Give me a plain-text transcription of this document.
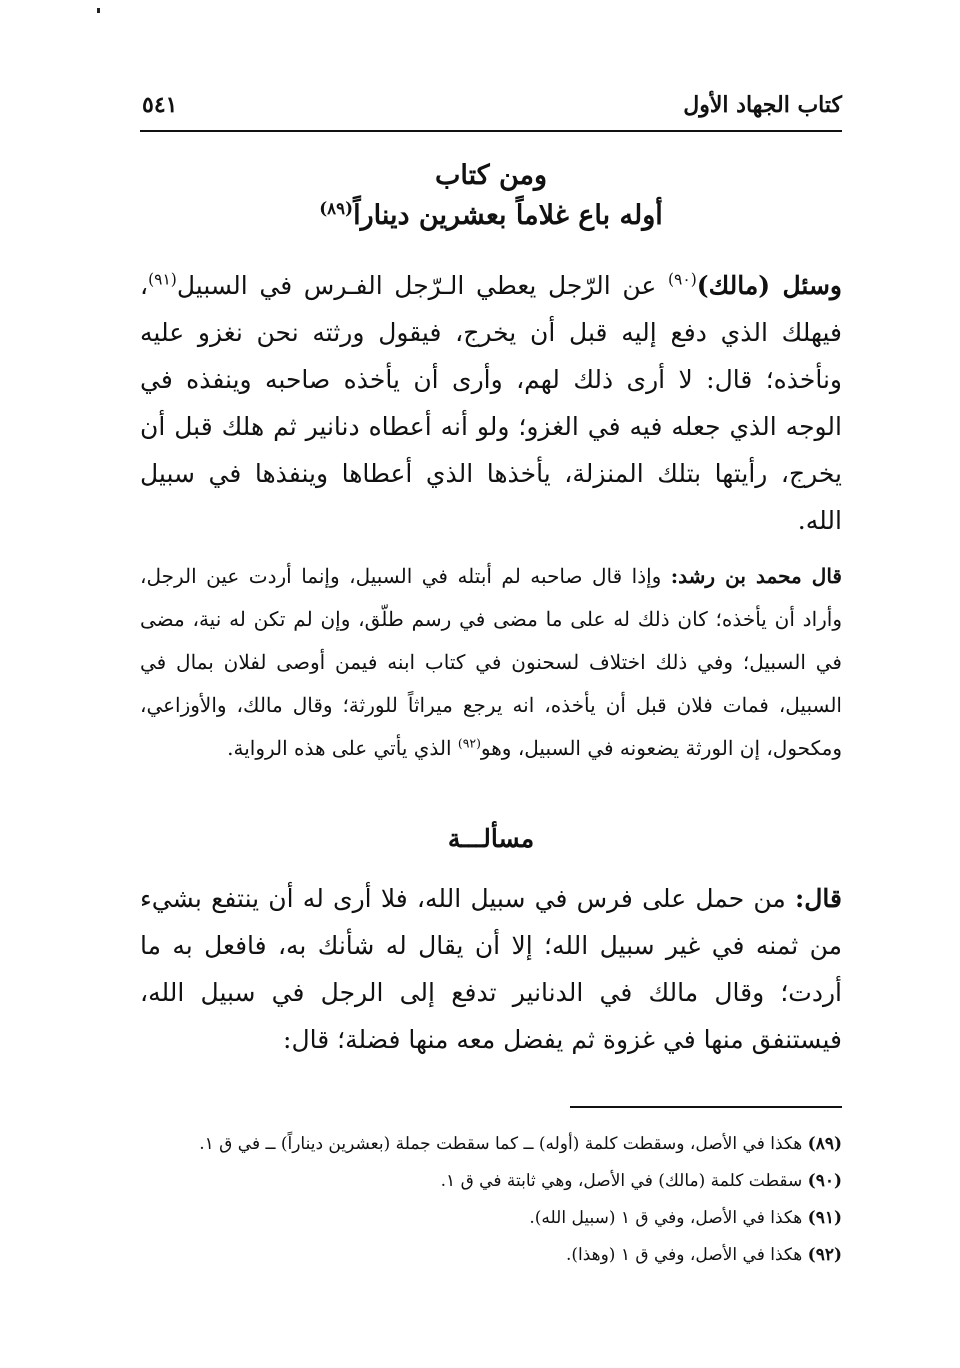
كتاب الجهاد الأول
٥٤١
ومن كتاب
أوله باع غلاماً بعشرين ديناراً$^{(٨٩)}$
وسئل (مالك)$^{(٩٠)}$ عن الرّجل يعطي الـرّجل الفـرس في السبيل$^{(٩١)}$، فيهلك الذي دفع إليه قبل أن يخرج، فيقول ورثته نحن نغزو عليه ونأخذه؛ قال: لا أرى ذلك لهم، وأرى أن يأخذه صاحبه وينفذه في الوجه الذي جعله فيه في الغزو؛ ولو أنه أعطاه دنانير ثم هلك قبل أن يخرج، رأيتها بتلك المنزلة، يأخذها الذي أعطاها وينفذها في سبيل الله.
قال محمد بن رشد: وإذا قال صاحبه لم أبتله في السبيل، وإنما أردت عين الرجل، وأراد أن يأخذه؛ كان ذلك له على ما مضى في رسم طلّق، وإن لم تكن له نية، مضى في السبيل؛ وفي ذلك اختلاف لسحنون في كتاب ابنه فيمن أوصى لفلان بمال في السبيل، فمات فلان قبل أن يأخذه، انه يرجع ميراثاً للورثة؛ وقال مالك، والأوزاعي، ومكحول، إن الورثة يضعونه في السبيل، وهو$^{(٩٢)}$ الذي يأتي على هذه الرواية.
مسألـــة
قال: من حمل على فرس في سبيل الله، فلا أرى له أن ينتفع بشيء من ثمنه في غير سبيل الله؛ إلا أن يقال له شأنك به، فافعل به ما أردت؛ وقال مالك في الدنانير تدفع إلى الرجل في سبيل الله، فيستنفق منها في غزوة ثم يفضل معه منها فضلة؛ قال:
(٨٩) هكذا في الأصل، وسقطت كلمة (أوله) ــ كما سقطت جملة (بعشرين ديناراً) ــ في ق ١.
(٩٠) سقطت كلمة (مالك) في الأصل، وهي ثابتة في ق ١.
(٩١) هكذا في الأصل، وفي ق ١ (سبيل الله).
(٩٢) هكذا في الأصل، وفي ق ١ (وهذا).
